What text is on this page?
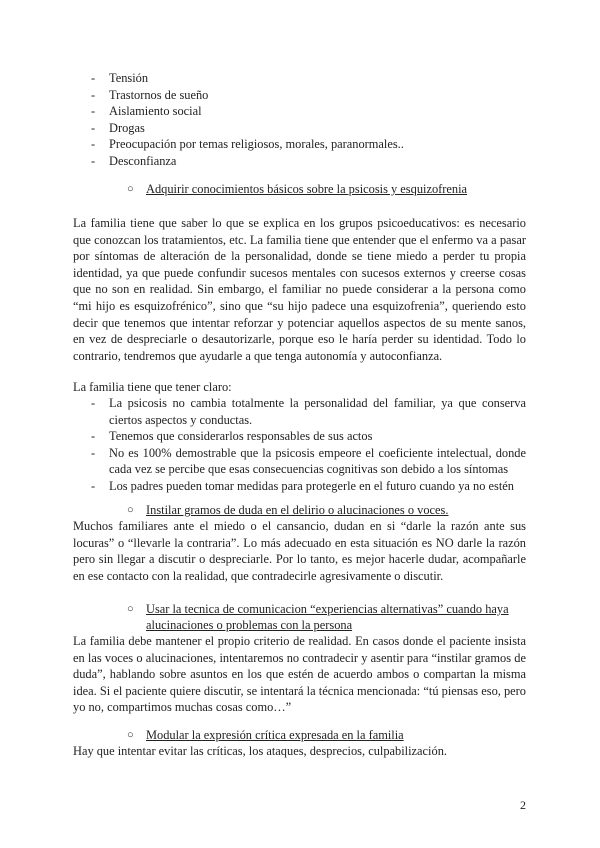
- Tensión
- Trastornos de sueño
- Aislamiento social
- Drogas
- Preocupación por temas religiosos, morales, paranormales..
- Desconfianza
○ Adquirir conocimientos básicos sobre la psicosis y esquizofrenia
La familia tiene que saber lo que se explica en los grupos psicoeducativos: es necesario que conozcan los tratamientos, etc. La familia tiene que entender que el enfermo va a pasar por síntomas de alteración de la personalidad, donde se tiene miedo a perder tu propia identidad, ya que puede confundir sucesos mentales con sucesos externos y creerse cosas que no son en realidad. Sin embargo, el familiar no puede considerar a la persona como “mi hijo es esquizofrénico”, sino que “su hijo padece una esquizofrenia”, queriendo esto decir que tenemos que intentar reforzar y potenciar aquellos aspectos de su mente sanos, en vez de despreciarle o desautorizarle, porque eso le haría perder su identidad. Todo lo contrario, tendremos que ayudarle a que tenga autonomía y autoconfianza.
La familia tiene que tener claro:
- La psicosis no cambia totalmente la personalidad del familiar, ya que conserva ciertos aspectos y conductas.
- Tenemos que considerarlos responsables de sus actos
- No es 100% demostrable que la psicosis empeore el coeficiente intelectual, donde cada vez se percibe que esas consecuencias cognitivas son debido a los síntomas
- Los padres pueden tomar medidas para protegerle en el futuro cuando ya no estén
○ Instilar gramos de duda en el delirio o alucinaciones o voces.
Muchos familiares ante el miedo o el cansancio, dudan en si “darle la razón ante sus locuras” o “llevarle la contraria”. Lo más adecuado en esta situación es NO darle la razón pero sin llegar a discutir o despreciarle. Por lo tanto, es mejor hacerle dudar, acompañarle en ese contacto con la realidad, que contradecirle agresivamente o discutir.
○ Usar la tecnica de comunicacion “experiencias alternativas” cuando haya alucinaciones o problemas con la persona
La familia debe mantener el propio criterio de realidad. En casos donde el paciente insista en las voces o alucinaciones, intentaremos no contradecir y asentir para “instilar gramos de duda”, hablando sobre asuntos en los que estén de acuerdo ambos o compartan la misma idea. Si el paciente quiere discutir, se intentará la técnica mencionada: “tú piensas eso, pero yo no, compartimos muchas cosas como…”
○ Modular la expresión crítica expresada en la familia
Hay que intentar evitar las críticas, los ataques, desprecios, culpabilización.
2
